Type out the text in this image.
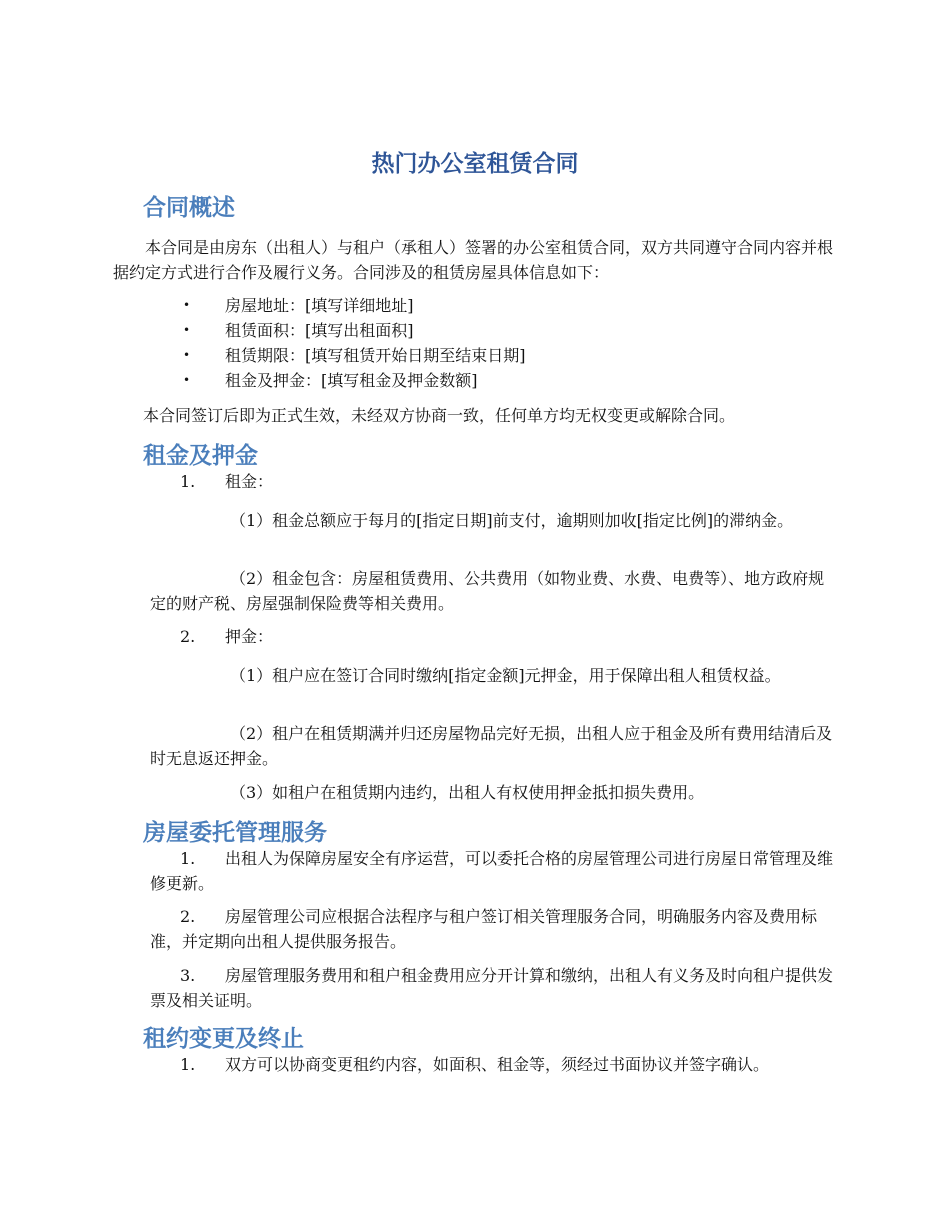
热门办公室租赁合同
合同概述

本合同是由房东（出租人）与租户（承租人）签署的办公室租赁合同，双方共同遵守合同内容并根据约定方式进行合作及履行义务。合同涉及的租赁房屋具体信息如下：

• 房屋地址：[填写详细地址]
• 租赁面积：[填写出租面积]
• 租赁期限：[填写租赁开始日期至结束日期]
• 租金及押金：[填写租金及押金数额]

本合同签订后即为正式生效，未经双方协商一致，任何单方均无权变更或解除合同。

租金及押金
1. 租金：

（1）租金总额应于每月的[指定日期]前支付，逾期则加收[指定比例]的滞纳金。

（2）租金包含：房屋租赁费用、公共费用（如物业费、水费、电费等）、地方政府规定的财产税、房屋强制保险费等相关费用。

2. 押金：

（1）租户应在签订合同时缴纳[指定金额]元押金，用于保障出租人租赁权益。

（2）租户在租赁期满并归还房屋物品完好无损，出租人应于租金及所有费用结清后及时无息返还押金。

（3）如租户在租赁期内违约，出租人有权使用押金抵扣损失费用。

房屋委托管理服务
1.	出租人为保障房屋安全有序运营，可以委托合格的房屋管理公司进行房屋日常管理及维修更新。
2.	房屋管理公司应根据合法程序与租户签订相关管理服务合同，明确服务内容及费用标准，并定期向出租人提供服务报告。
3.	房屋管理服务费用和租户租金费用应分开计算和缴纳，出租人有义务及时向租户提供发票及相关证明。
租约变更及终止
1.	双方可以协商变更租约内容，如面积、租金等，须经过书面协议并签字确认。
